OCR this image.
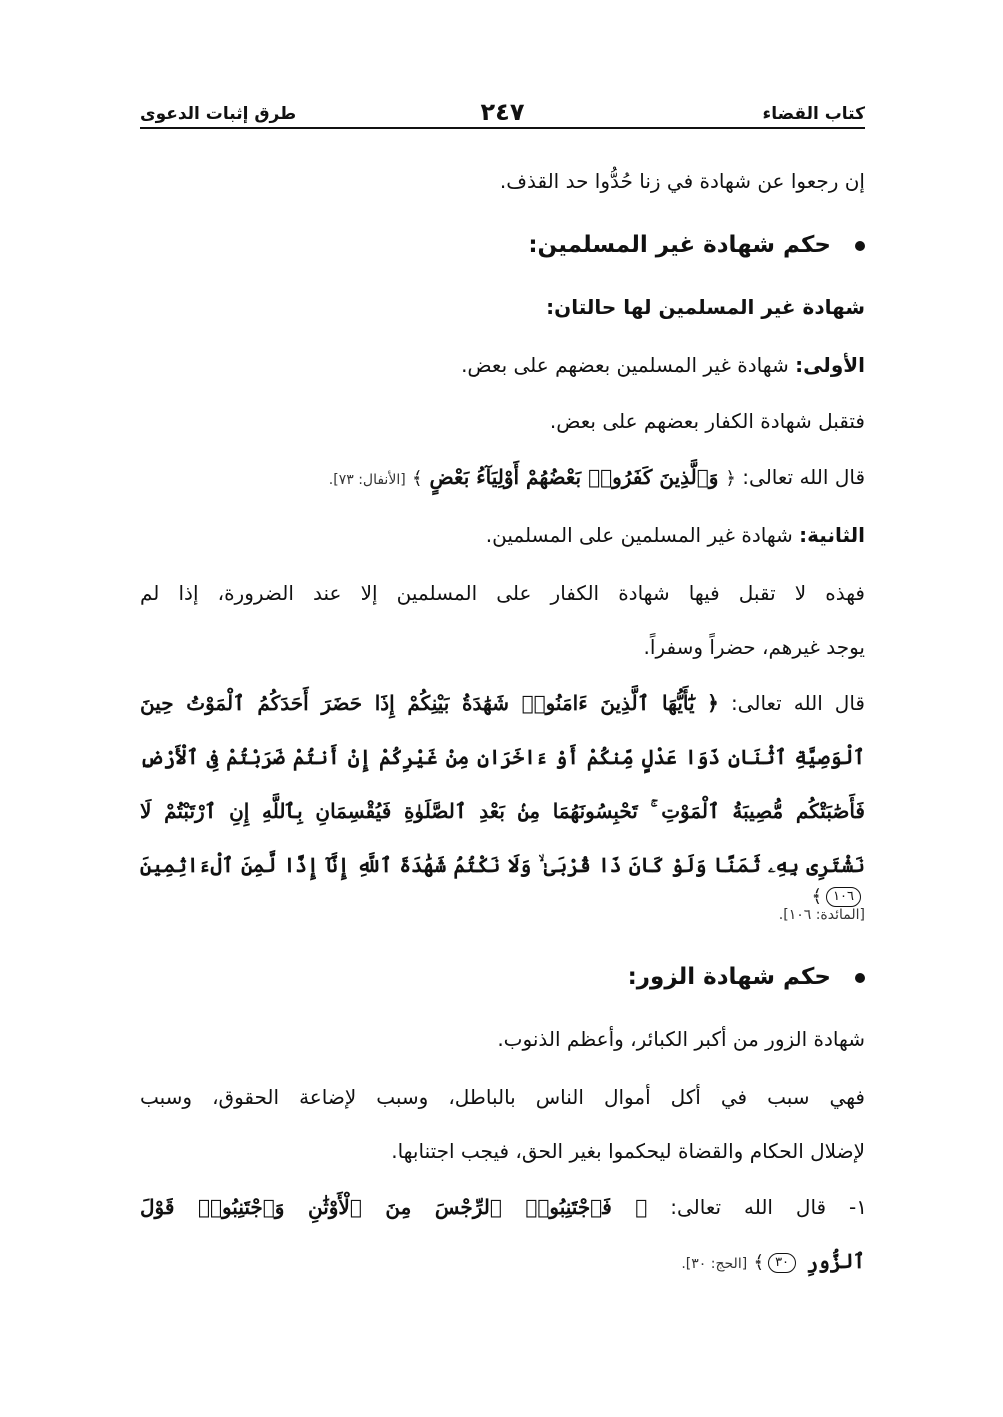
كتاب القضاء
٢٤٧
طرق إثبات الدعوى
إن رجعوا عن شهادة في زنا حُدُّوا حد القذف.
حكم شهادة غير المسلمين:
شهادة غير المسلمين لها حالتان:
الأولى: شهادة غير المسلمين بعضهم على بعض.
فتقبل شهادة الكفار بعضهم على بعض.
قال الله تعالى: ﴿ وَٱلَّذِينَ كَفَرُوا۟ بَعْضُهُمْ أَوْلِيَآءُ بَعْضٍ ﴾ [الأنفال: ٧٣].
الثانية: شهادة غير المسلمين على المسلمين.
فهذه لا تقبل فيها شهادة الكفار على المسلمين إلا عند الضرورة، إذا لم
يوجد غيرهم، حضراً وسفراً.
قال الله تعالى: ﴿ يَٰٓأَيُّهَا ٱلَّذِينَ ءَامَنُوا۟ شَهَٰدَةُ بَيْنِكُمْ إِذَا حَضَرَ أَحَدَكُمُ ٱلْمَوْتُ حِينَ
ٱلْوَصِيَّةِ ٱثْنَانِ ذَوَا عَدْلٍ مِّنكُمْ أَوْ ءَاخَرَانِ مِنْ غَيْرِكُمْ إِنْ أَنتُمْ ضَرَبْتُمْ فِى ٱلْأَرْضِ
فَأَصَٰبَتْكُم مُّصِيبَةُ ٱلْمَوْتِ ۚ تَحْبِسُونَهُمَا مِنۢ بَعْدِ ٱلصَّلَوٰةِ فَيُقْسِمَانِ بِٱللَّهِ إِنِ ٱرْتَبْتُمْ لَا
نَشْتَرِى بِهِۦ ثَمَنًا وَلَوْ كَانَ ذَا قُرْبَىٰ ۙ وَلَا نَكْتُمُ شَهَٰدَةَ ٱللَّهِ إِنَّآ إِذًا لَّمِنَ ٱلْءَاثِمِينَ ١٠٦﴾
[المائدة: ١٠٦].
حكم شهادة الزور:
شهادة الزور من أكبر الكبائر، وأعظم الذنوب.
فهي سبب في أكل أموال الناس بالباطل، وسبب لإضاعة الحقوق، وسبب
لإضلال الحكام والقضاة ليحكموا بغير الحق، فيجب اجتنابها.
١- قال الله تعالى: ﴿ فَٱجْتَنِبُوا۟ ٱلرِّجْسَ مِنَ ٱلْأَوْثَٰنِ وَٱجْتَنِبُوا۟ قَوْلَ
ٱلزُّورِ ٣٠﴾ [الحج: ٣٠].
